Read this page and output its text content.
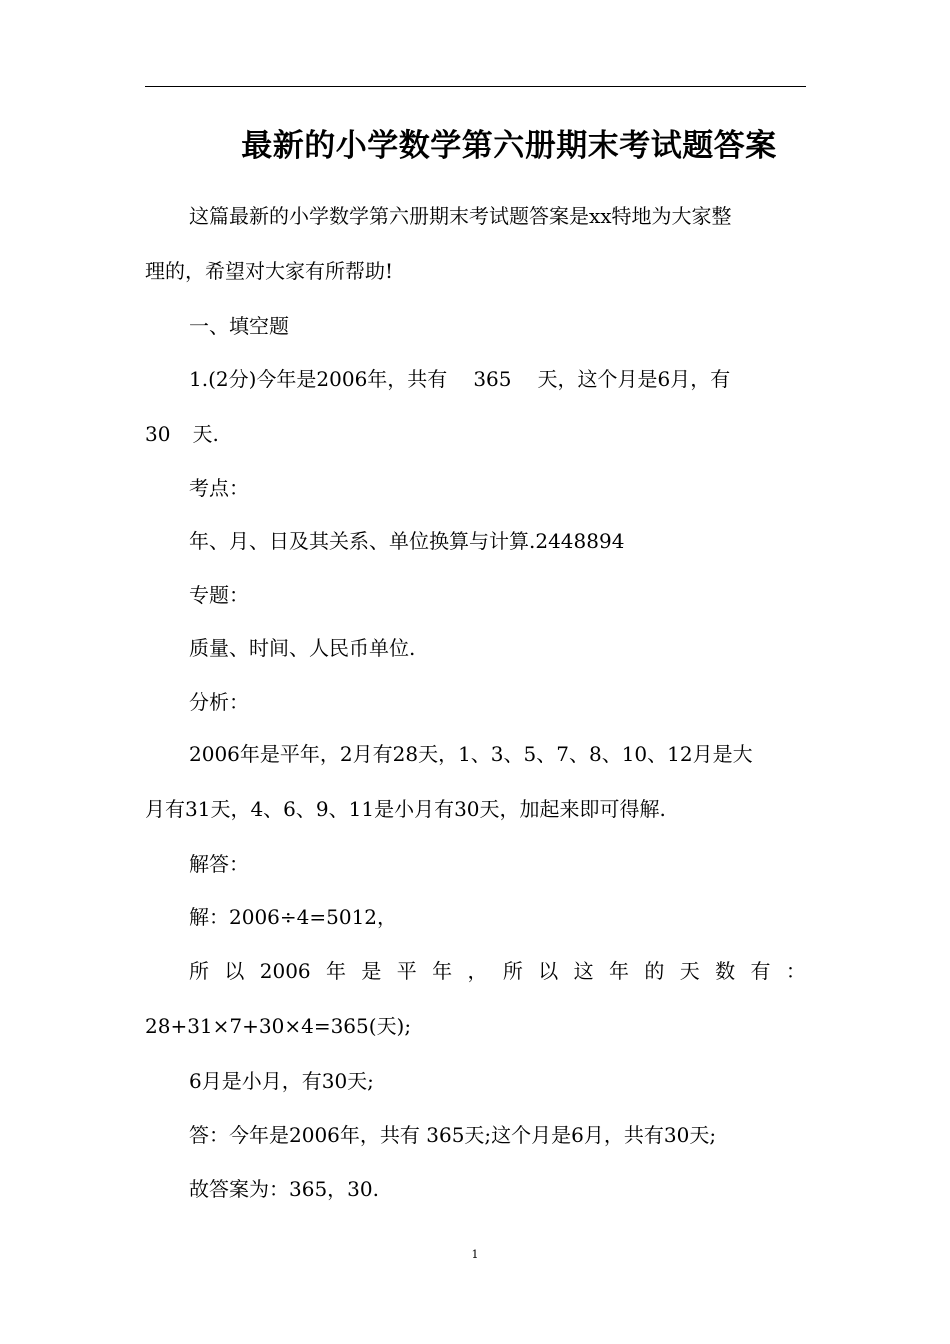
最新的小学数学第六册期末考试题答案

这篇最新的小学数学第六册期末考试题答案是xx特地为大家整

理的，希望对大家有所帮助!

一、填空题

1.(2分)今年是2006年，共有 365 天，这个月是6月，有

30 天.

考点：

年、月、日及其关系、单位换算与计算.2448894

专题：

质量、时间、人民币单位.

分析：

2006年是平年，2月有28天，1、3、5、7、8、10、12月是大

月有31天，4、6、9、11是小月有30天，加起来即可得解.

解答：

解：2006÷4=5012，

所 以 2006 年 是 平 年 ， 所 以 这 年 的 天 数 有 ：

28+31×7+30×4=365(天);

6月是小月，有30天;

答：今年是2006年，共有 365天;这个月是6月，共有30天;

故答案为：365，30.

1
